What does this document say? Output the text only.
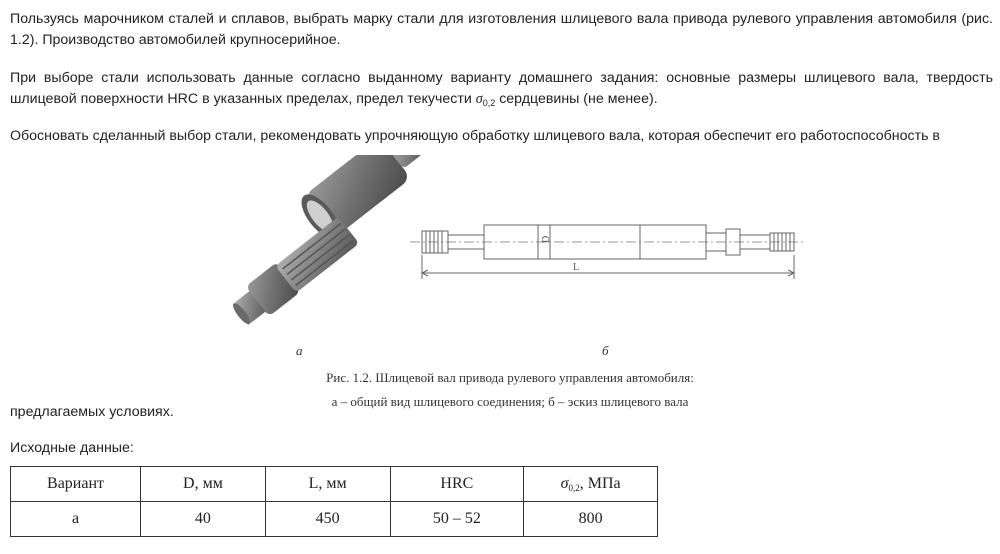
Пользуясь марочником сталей и сплавов, выбрать марку стали для изготовления шлицевого вала привода рулевого управления автомобиля (рис. 1.2). Производство автомобилей крупносерийное.

При выборе стали использовать данные согласно выданному варианту домашнего задания: основные размеры шлицевого вала, твердость шлицевой поверхности HRC в указанных пределах, предел текучести $\sigma_{0,2}$ сердцевины (не менее).

Обосновать сделанный выбор стали, рекомендовать упрочняющую обработку шлицевого вала, которая обеспечит его работоспособность в

D
L

а	б

Рис. 1.2. Шлицевой вал привода рулевого управления автомобиля:

а – общий вид шлицевого соединения; б – эскиз шлицевого вала

предлагаемых условиях.

Исходные данные:

Вариант	D, мм	L, мм	HRC	$\sigma_{0,2}$, МПа
а	40	450	50 – 52	800
